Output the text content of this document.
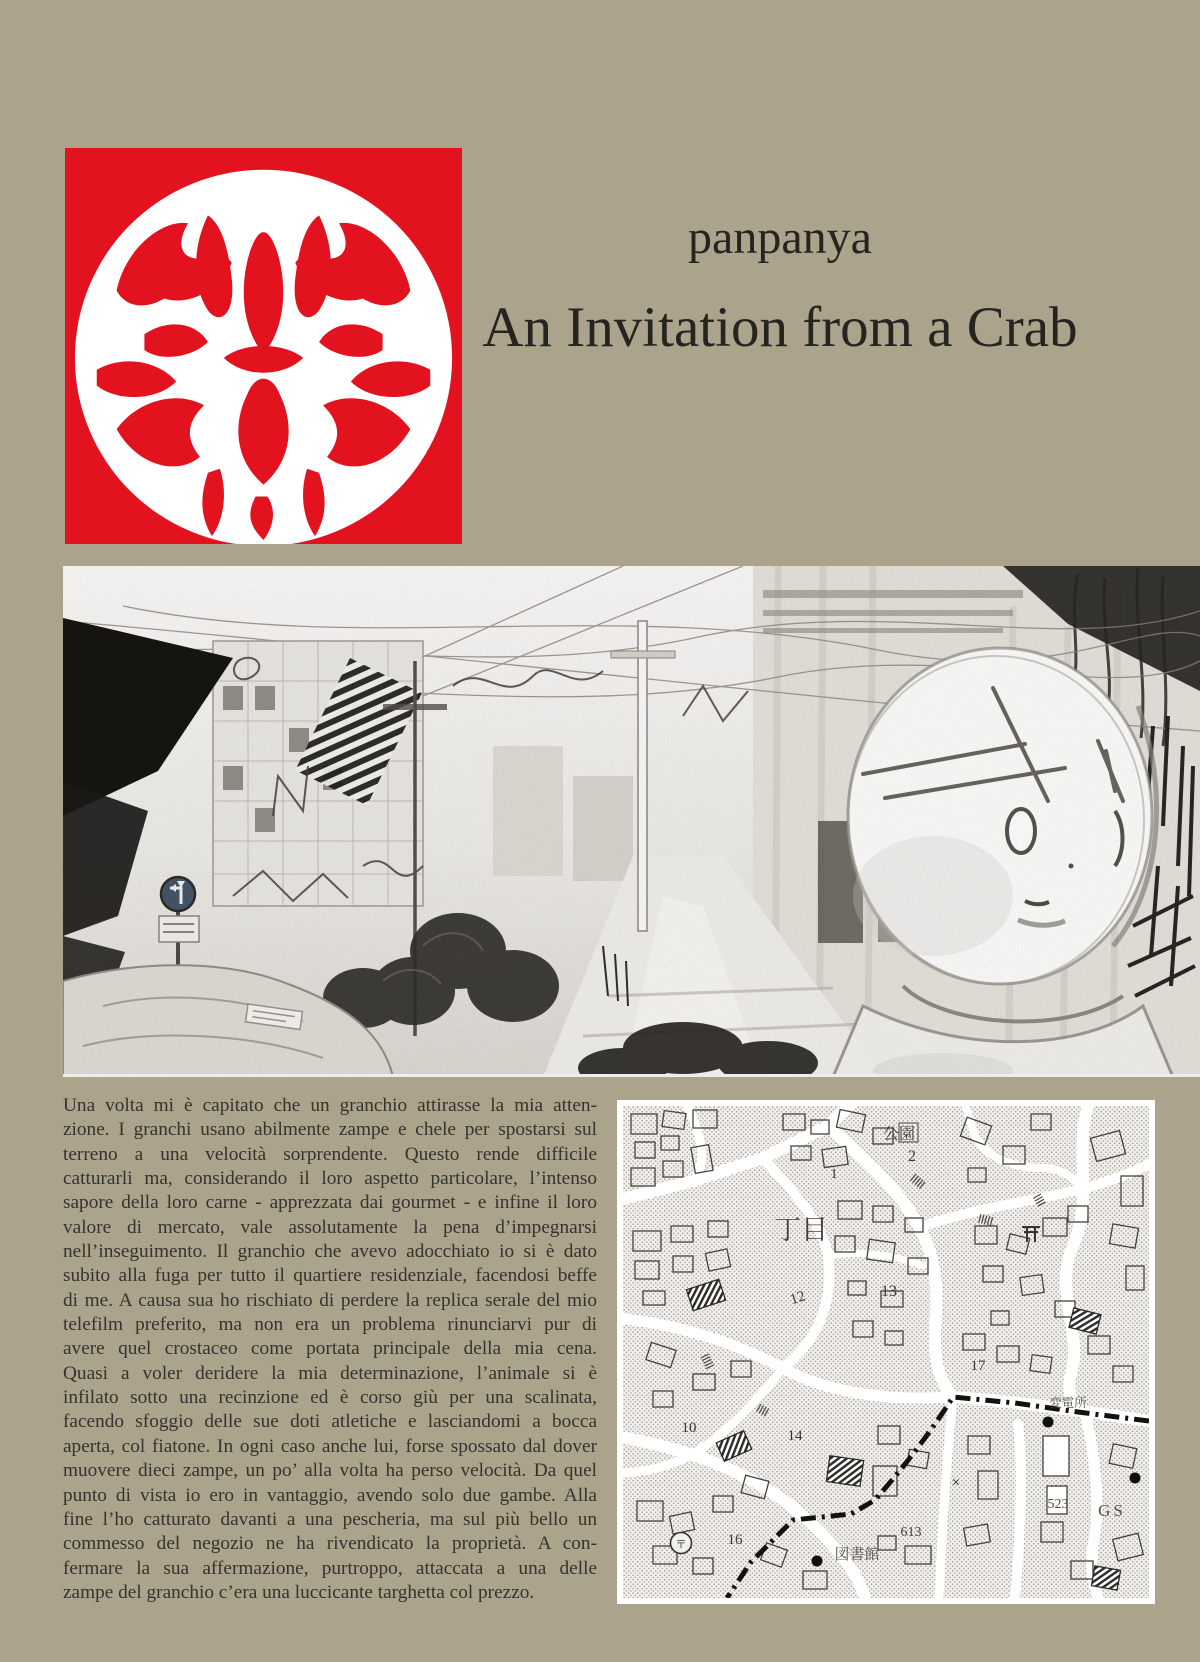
panpanya
An Invitation from a Crab
Una volta mi è capitato che un granchio attirasse la mia atten-
zione. I granchi usano abilmente zampe e chele per spostarsi sul
terreno a una velocità sorprendente. Questo rende difficile
catturarli ma, considerando il loro aspetto particolare, l’intenso
sapore della loro carne - apprezzata dai gourmet - e infine il loro
valore di mercato, vale assolutamente la pena d’impegnarsi
nell’inseguimento. Il granchio che avevo adocchiato io si è dato
subito alla fuga per tutto il quartiere residenziale, facendosi beffe
di me. A causa sua ho rischiato di perdere la replica serale del mio
telefilm preferito, ma non era un problema rinunciarvi pur di
avere quel crostaceo come portata principale della mia cena.
Quasi a voler deridere la mia determinazione, l’animale si è
infilato sotto una recinzione ed è corso giù per una scalinata,
facendo sfoggio delle sue doti atletiche e lasciandomi a bocca
aperta, col fiatone. In ogni caso anche lui, forse spossato dal dover
muovere dieci zampe, un po’ alla volta ha perso velocità. Da quel
punto di vista io ero in vantaggio, avendo solo due gambe. Alla
fine l’ho catturato davanti a una pescheria, ma sul più bello un
commesso del negozio ne ha rivendicato la proprietà. A con-
fermare la sua affermazione, purtroppo, attaccata a una delle
zampe del granchio c’era una luccicante targhetta col prezzo.
公園
2
1
丁目
13
12
17
10	14
×
変電所
523 GS
613
16
〒
図書館
